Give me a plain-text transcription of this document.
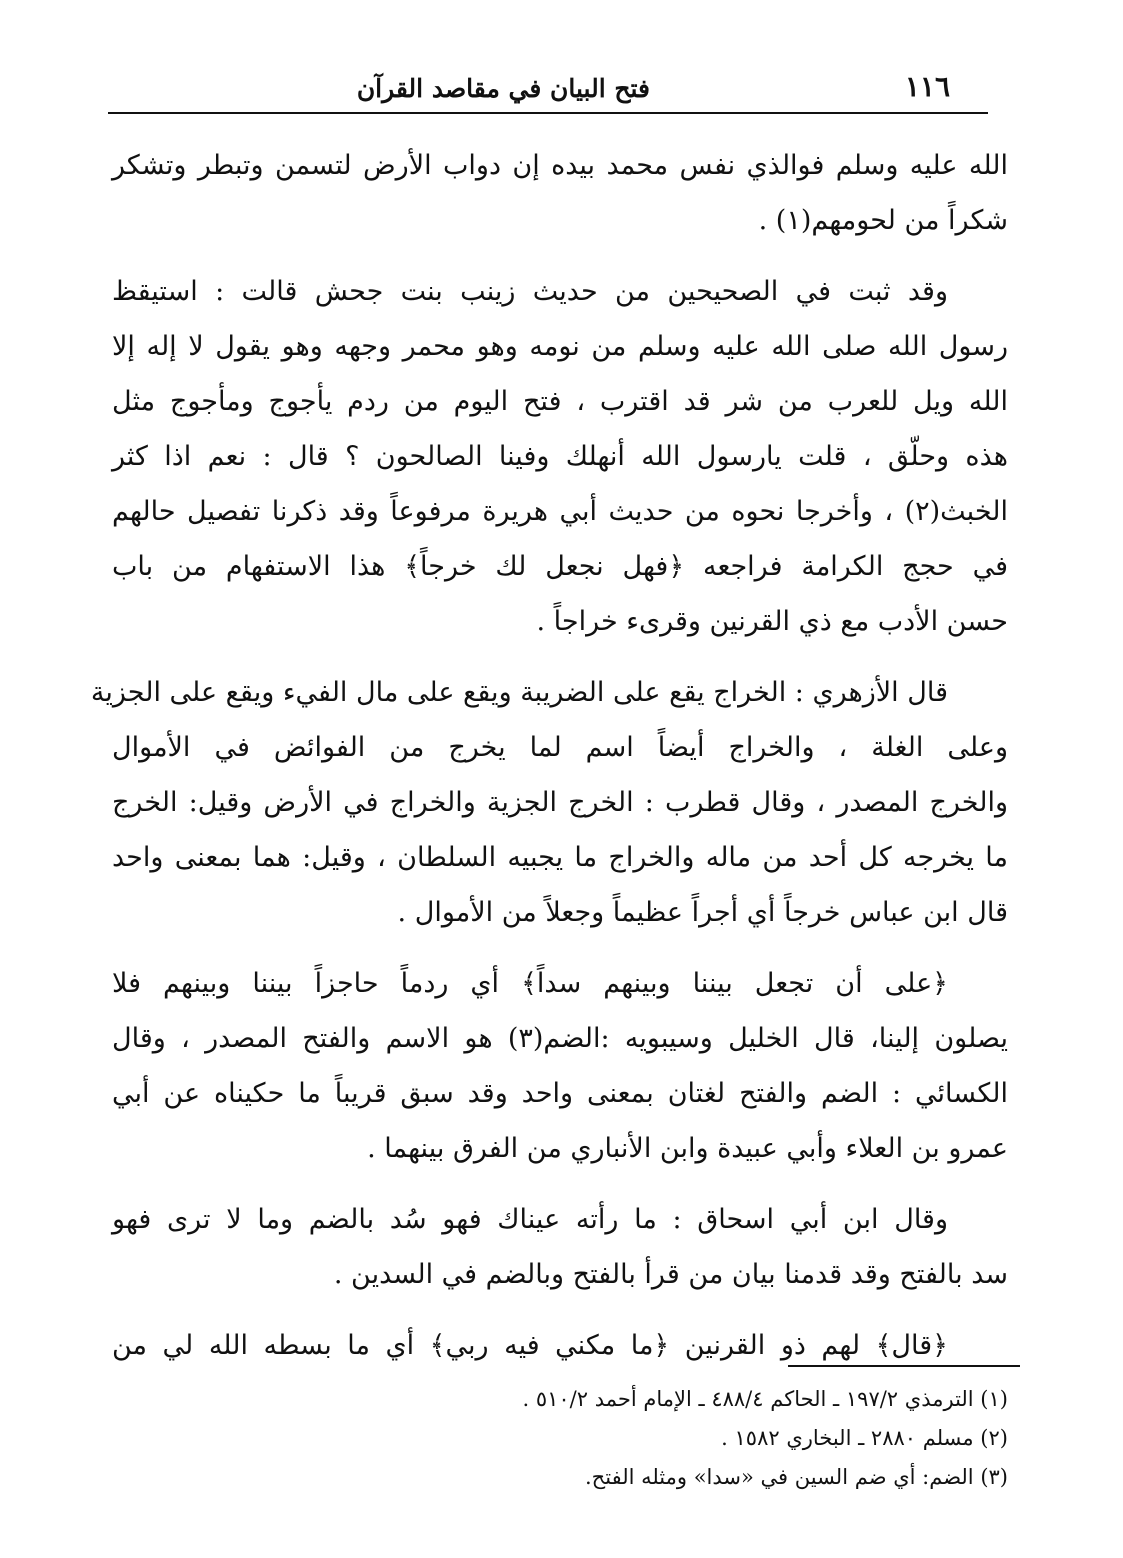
١١٦
فتح البيان في مقاصد القرآن

الله عليه وسلم فوالذي نفس محمد بيده إن دواب الأرض لتسمن وتبطر وتشكر
شكراً من لحومهم(١) .

وقد ثبت في الصحيحين من حديث زينب بنت جحش قالت : استيقظ
رسول الله صلى الله عليه وسلم من نومه وهو محمر وجهه وهو يقول لا إله إلا
الله ويل للعرب من شر قد اقترب ، فتح اليوم من ردم يأجوج ومأجوج مثل
هذه وحلّق ، قلت يارسول الله أنهلك وفينا الصالحون ؟ قال : نعم اذا كثر
الخبث(٢) ، وأخرجا نحوه من حديث أبي هريرة مرفوعاً وقد ذكرنا تفصيل حالهم
في حجج الكرامة فراجعه ﴿فهل نجعل لك خرجاً﴾ هذا الاستفهام من باب
حسن الأدب مع ذي القرنين وقرىء خراجاً .

قال الأزهري : الخراج يقع على الضريبة ويقع على مال الفيء ويقع على الجزية
وعلى الغلة ، والخراج أيضاً اسم لما يخرج من الفوائض في الأموال
والخرج المصدر ، وقال قطرب : الخرج الجزية والخراج في الأرض وقيل: الخرج
ما يخرجه كل أحد من ماله والخراج ما يجبيه السلطان ، وقيل: هما بمعنى واحد
قال ابن عباس خرجاً أي أجراً عظيماً وجعلاً من الأموال .

﴿على أن تجعل بيننا وبينهم سداً﴾ أي ردماً حاجزاً بيننا وبينهم فلا
يصلون إلينا، قال الخليل وسيبويه :الضم(٣) هو الاسم والفتح المصدر ، وقال
الكسائي : الضم والفتح لغتان بمعنى واحد وقد سبق قريباً ما حكيناه عن أبي
عمرو بن العلاء وأبي عبيدة وابن الأنباري من الفرق بينهما .

وقال ابن أبي اسحاق : ما رأته عيناك فهو سُد بالضم وما لا ترى فهو
سد بالفتح وقد قدمنا بيان من قرأ بالفتح وبالضم في السدين .

﴿قال﴾ لهم ذو القرنين ﴿ما مكني فيه ربي﴾ أي ما بسطه الله لي من

(١) الترمذي ١٩٧/٢ ـ الحاكم ٤٨٨/٤ ـ الإمام أحمد ٥١٠/٢ .
(٢) مسلم ٢٨٨٠ ـ البخاري ١٥٨٢ .
(٣) الضم: أي ضم السين في «سدا» ومثله الفتح.
